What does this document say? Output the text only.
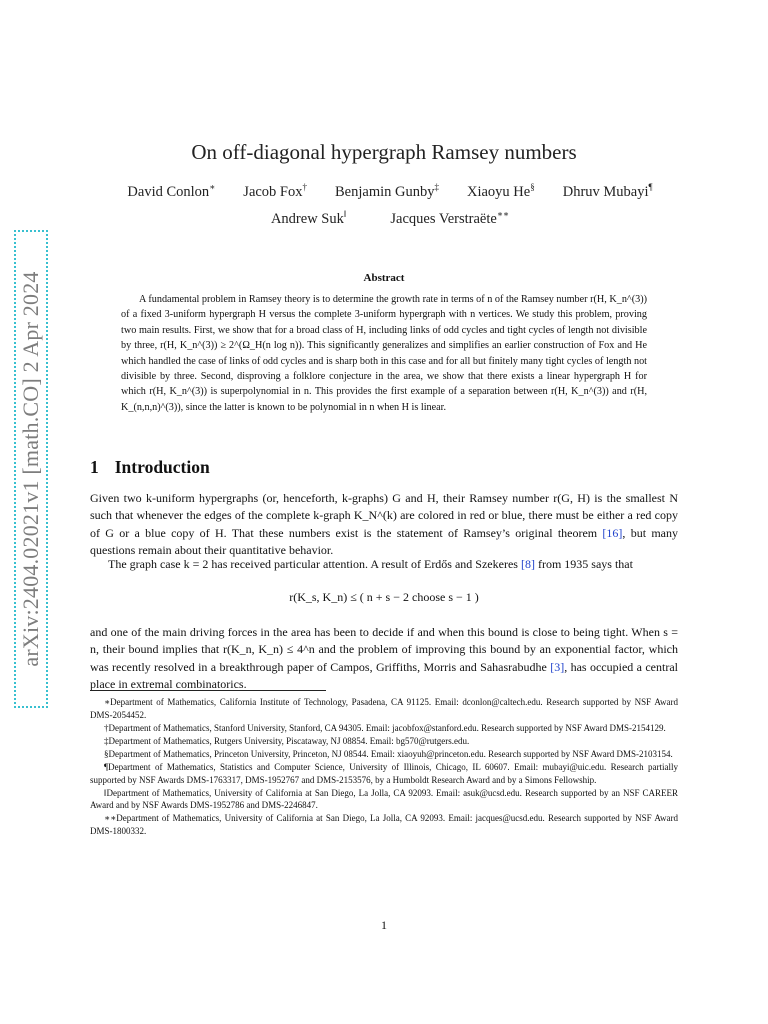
arXiv:2404.02021v1 [math.CO] 2 Apr 2024
On off-diagonal hypergraph Ramsey numbers
David Conlon∗ Jacob Fox† Benjamin Gunby‡ Xiaoyu He§ Dhruv Mubayi¶
Andrew Suk‖	Jacques Verstraëte∗∗
Abstract

A fundamental problem in Ramsey theory is to determine the growth rate in terms of n of the Ramsey number r(H, K_n^(3)) of a fixed 3-uniform hypergraph H versus the complete 3-uniform hypergraph with n vertices. We study this problem, proving two main results. First, we show that for a broad class of H, including links of odd cycles and tight cycles of length not divisible by three, r(H, K_n^(3)) ≥ 2^(Ω_H(n log n)). This significantly generalizes and simplifies an earlier construction of Fox and He which handled the case of links of odd cycles and is sharp both in this case and for all but finitely many tight cycles of length not divisible by three. Second, disproving a folklore conjecture in the area, we show that there exists a linear hypergraph H for which r(H, K_n^(3)) is superpolynomial in n. This provides the first example of a separation between r(H, K_n^(3)) and r(H, K_(n,n,n)^(3)), since the latter is known to be polynomial in n when H is linear.

1 Introduction

Given two k-uniform hypergraphs (or, henceforth, k-graphs) G and H, their Ramsey number r(G, H) is the smallest N such that whenever the edges of the complete k-graph K_N^(k) are colored in red or blue, there must be either a red copy of G or a blue copy of H. That these numbers exist is the statement of Ramsey’s original theorem [16], but many questions remain about their quantitative behavior.

The graph case k = 2 has received particular attention. A result of Erdős and Szekeres [8] from 1935 says that

r(K_s, K_n) ≤ ( n + s − 2 choose s − 1 )

and one of the main driving forces in the area has been to decide if and when this bound is close to being tight. When s = n, their bound implies that r(K_n, K_n) ≤ 4^n and the problem of improving this bound by an exponential factor, which was recently resolved in a breakthrough paper of Campos, Griffiths, Morris and Sahasrabudhe [3], has occupied a central place in extremal combinatorics.

∗Department of Mathematics, California Institute of Technology, Pasadena, CA 91125. Email: dconlon@caltech.edu. Research supported by NSF Award DMS-2054452.

†Department of Mathematics, Stanford University, Stanford, CA 94305. Email: jacobfox@stanford.edu. Research supported by NSF Award DMS-2154129.

‡Department of Mathematics, Rutgers University, Piscataway, NJ 08854. Email: bg570@rutgers.edu.

§Department of Mathematics, Princeton University, Princeton, NJ 08544. Email: xiaoyuh@princeton.edu. Research supported by NSF Award DMS-2103154.

¶Department of Mathematics, Statistics and Computer Science, University of Illinois, Chicago, IL 60607. Email: mubayi@uic.edu. Research partially supported by NSF Awards DMS-1763317, DMS-1952767 and DMS-2153576, by a Humboldt Research Award and by a Simons Fellowship.

‖Department of Mathematics, University of California at San Diego, La Jolla, CA 92093. Email: asuk@ucsd.edu. Research supported by an NSF CAREER Award and by NSF Awards DMS-1952786 and DMS-2246847.

∗∗Department of Mathematics, University of California at San Diego, La Jolla, CA 92093. Email: jacques@ucsd.edu. Research supported by NSF Award DMS-1800332.

1
